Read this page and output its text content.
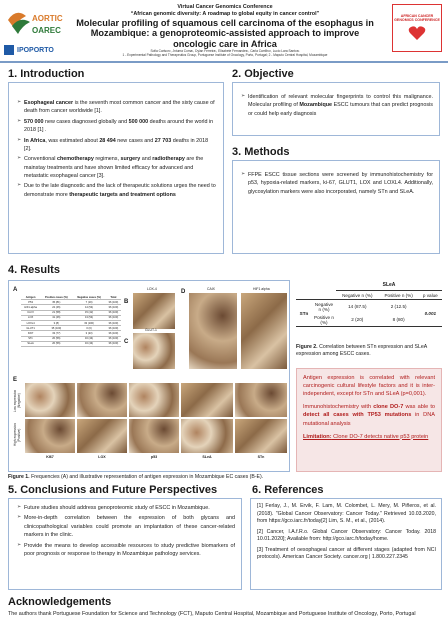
AORTIC
OAREC
IPOPORTO
AFRICAN CANCER GENOMICS CONFERENCE
Virtual Cancer Genomics Conference
“African genomic diversity: A roadmap to global equity in cancer control”
Molecular profiling of squamous cell carcinoma of the esophagus in Mozambique: a genoproteomic-assisted approach to improve oncologic care in Africa
Sofia Carlson¹, Jntuma Coma¹, Dylan Ferreira¹, Elisabete Fernandes¹, Carla Carrilho², Lucio Lara Santos¹
1 - Experimental Pathology and Therapeutics Group, Portuguese Institute of Oncology, Porto, Portugal; 2 - Maputo Central Hospital, Mozambique
1. Introduction
➢ Esophageal cancer is the seventh most common cancer and the sixty cause of death from cancer worldwide [1].
➢ 570 000 new cases diagnosed globally and 500 000 deaths around the world in 2018 [1] .
➢ In Africa, was estimated about 28 494 new cases and 27 703 deaths in 2018 [2].
➢ Conventional chemotherapy regimens, surgery and radiotherapy are the mainstay treatments and have shown limited efficacy for advanced and metastatic esophageal cancer [3].
➢ Due to the late diagnostic and the lack of therapeutic solutions urges the need to demonstrate more therapeutic targets and treatment options
2. Objective
➢ Identification of relevant molecular fingerprints to control this malignance. Molecular profiling of Mozambique ESCC tumours that can predict prognosis or could help early diagnosis
3. Methods
➢ FFPE ESCC tissue sections were screened by immunohistochemistry for p53, hypoxia-related markers, ki-67, GLUT1, LOX and LOXL4. Additionally, glycosylation markers were also incorporated, namely STn and SLeA.
4. Results
A
Antigen	Positive cases (%)	Negative cases (%)	Total
P53	35 (81)	7 (19)	36 (100)
HIF1 alpha	22 (46)	14 (54)	36 (100)
CA IX	21 (58)	15 (42)	36 (100)
LOX	41 (46)	13 (54)	36 (100)
LOXL4	3 (8)	33 (100)	36 (100)
GLUT1	35 (100)	0 (0)	36 (100)
KI67	33 (77)	3 (23)	36 (100)
STn	20 (56)	16 (44)	36 (100)
SLeA	20 (56)	16 (44)	36 (100)
B
LOX-4
C
GLUT-1
D	CAIX	HIF1 alpha
E
Low expression (Negative)
High expression (Positive)
KI67	LOX	p53	SLeA	STn
Figure 1. Frequencies (A) and illustrative representation of antigen expression in Mozambique EC cases (B-E).
SLeA
		Negative n (%)	Positive n (%)	p value
STn	Negative n (%)	14 (87.5)	2 (12.5)	0.001
	Positive n (%)	2 (20)	8 (80)	
Figure 2. Correlation between STn expression and SLeA expression among ESCC cases.

Antigen expression is correlated with relevant carcinogenic cultural lifestyle factors and it is inter-independent, except for STn and SLeA (p=0,001).

Immunohistochemistry with clone DO-7 was able to detect all cases with TP53 mutations in DNA mutational analysis

Limitation: Clone DO-7 detects native p53 protein

5. Conclusions and Future Perspectives
➢ Future studies should address genoproteomic study of ESCC in Mozambique.
➢ More-in-depth correlation between the expression of both glycans and clinicopathological variables could promote an implantation of these cancer-related markers in the clinic.
➢ Provide the means to develop accessible resources to study predictive biomarkers of poor prognosis or response to therapy in Mozambique pathology services.
6. References
[1] Ferlay, J., M. Ervik, F. Lam, M. Colombet, L. Mery, M. Piñeros, et al. (2018). "Global Cancer Observatory: Cancer Today." Retrieved 10.03.2020, from https://gco.iarc.fr/today[2] Lim, S. M., et al., (2014).
[2] Cancer, I.A.f.R.o. Global Cancer Observatory: Cancer Today. 2018 10.01.2020]; Available from: http://gco.iarc.fr/today/home.
[3] Treatment of oesophageal cancer at different stages (adapted from NCI protocols). American Cancer Society. cancer.org | 1.800.227.2345
Acknowledgements
The authors thank Portuguese Foundation for Science and Technology (FCT), Maputo Central Hospital, Mozambique and Portuguese Institute of Oncology, Porto, Portugal
